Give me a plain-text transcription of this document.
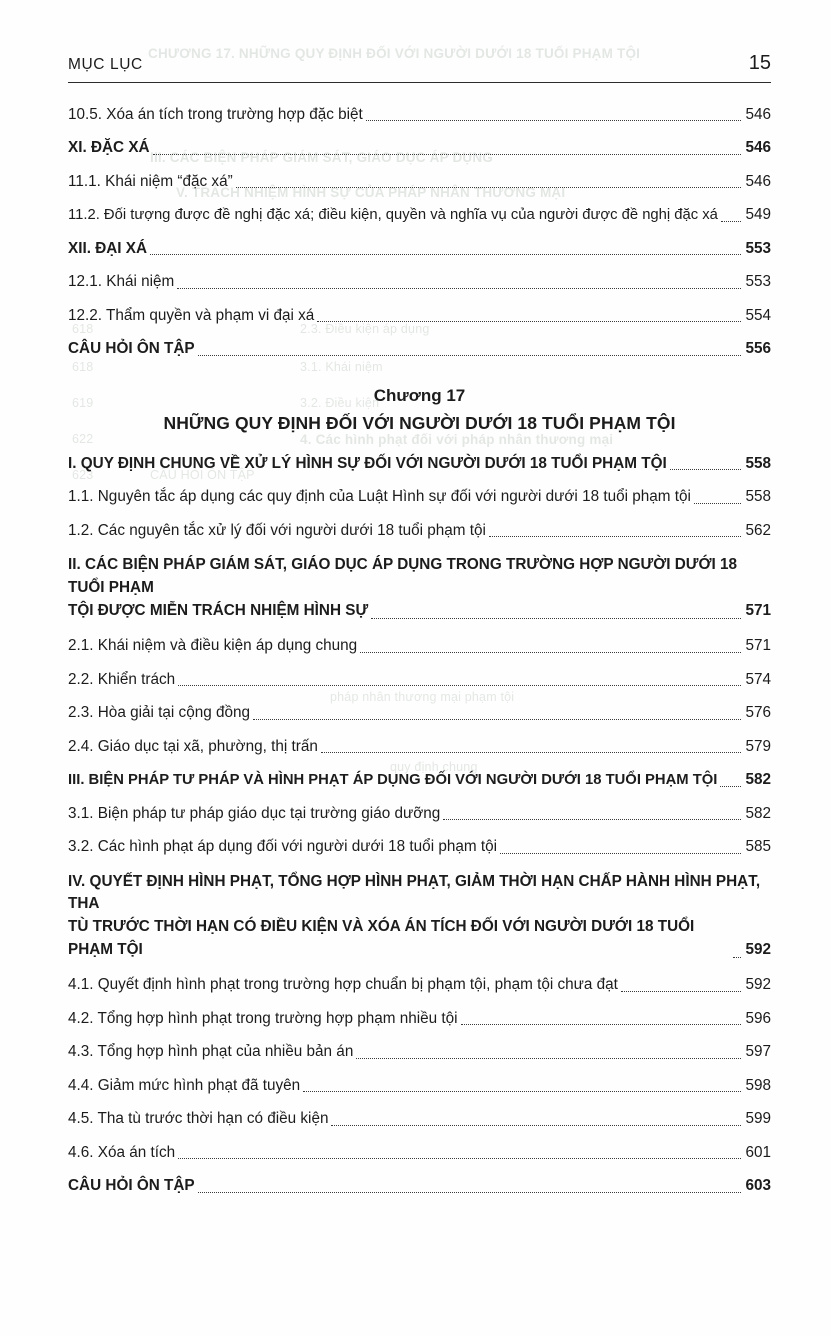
CHƯƠNG 17. NHỮNG QUY ĐỊNH ĐỐI VỚI NGƯỜI DƯỚI 18 TUỔI PHẠM TỘI
III. CÁC BIỆN PHÁP GIÁM SÁT, GIÁO DỤC ÁP DỤNG
V. TRÁCH NHIỆM HÌNH SỰ CỦA PHÁP NHÂN THƯƠNG MẠI
618
618
619
622
623	CÂU HỎI ÔN TẬP
2.3. Điều kiện áp dụng
3.1. Khái niệm
3.2. Điều kiện
4. Các hình phạt đối với pháp nhân thương mại
pháp nhân thương mại phạm tội
quy định chung
MỤC LỤC	15
10.5. Xóa án tích trong trường hợp đặc biệt	546
XI. ĐẶC XÁ	546
11.1. Khái niệm “đặc xá”	546
11.2. Đối tượng được đề nghị đặc xá; điều kiện, quyền và nghĩa vụ của người được đề nghị đặc xá 549
XII. ĐẠI XÁ	553
12.1. Khái niệm	553
12.2. Thẩm quyền và phạm vi đại xá	554
CÂU HỎI ÔN TẬP	556
Chương 17
NHỮNG QUY ĐỊNH ĐỐI VỚI NGƯỜI DƯỚI 18 TUỔI PHẠM TỘI
I. QUY ĐỊNH CHUNG VỀ XỬ LÝ HÌNH SỰ ĐỐI VỚI NGƯỜI DƯỚI 18 TUỔI PHẠM TỘI	558
1.1. Nguyên tắc áp dụng các quy định của Luật Hình sự đối với người dưới 18 tuổi phạm tội	558
1.2. Các nguyên tắc xử lý đối với người dưới 18 tuổi phạm tội	562
II. CÁC BIỆN PHÁP GIÁM SÁT, GIÁO DỤC ÁP DỤNG TRONG TRƯỜNG HỢP NGƯỜI DƯỚI 18 TUỔI PHẠM
TỘI ĐƯỢC MIỄN TRÁCH NHIỆM HÌNH SỰ	571
2.1. Khái niệm và điều kiện áp dụng chung	571
2.2. Khiển trách	574
2.3. Hòa giải tại cộng đồng	576
2.4. Giáo dục tại xã, phường, thị trấn	579
III. BIỆN PHÁP TƯ PHÁP VÀ HÌNH PHẠT ÁP DỤNG ĐỐI VỚI NGƯỜI DƯỚI 18 TUỔI PHẠM TỘI 582
3.1. Biện pháp tư pháp giáo dục tại trường giáo dưỡng	582
3.2. Các hình phạt áp dụng đối với người dưới 18 tuổi phạm tội	585
IV. QUYẾT ĐỊNH HÌNH PHẠT, TỔNG HỢP HÌNH PHẠT, GIẢM THỜI HẠN CHẤP HÀNH HÌNH PHẠT, THA
TÙ TRƯỚC THỜI HẠN CÓ ĐIỀU KIỆN VÀ XÓA ÁN TÍCH ĐỐI VỚI NGƯỜI DƯỚI 18 TUỔI PHẠM TỘI	592
4.1. Quyết định hình phạt trong trường hợp chuẩn bị phạm tội, phạm tội chưa đạt	592
4.2. Tổng hợp hình phạt trong trường hợp phạm nhiều tội	596
4.3. Tổng hợp hình phạt của nhiều bản án	597
4.4. Giảm mức hình phạt đã tuyên	598
4.5. Tha tù trước thời hạn có điều kiện	599
4.6. Xóa án tích	601
CÂU HỎI ÔN TẬP	603
